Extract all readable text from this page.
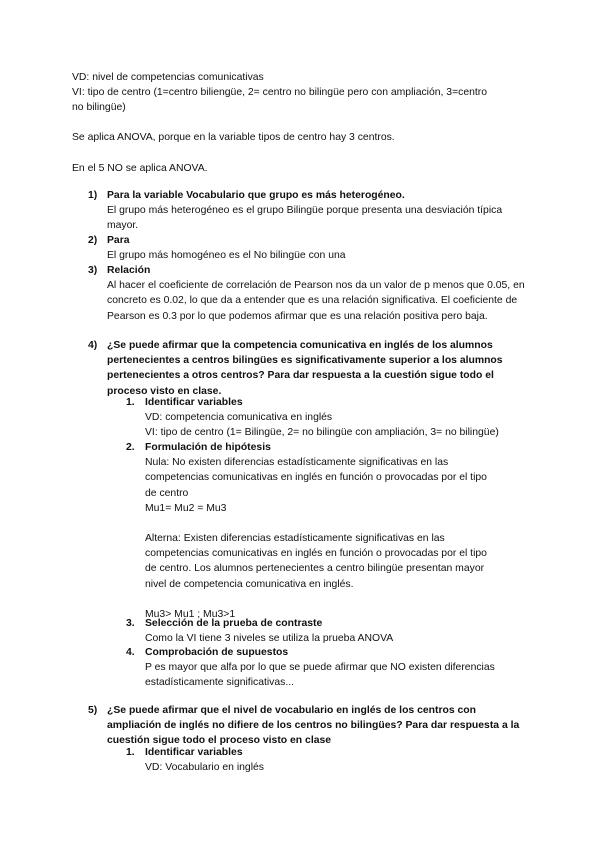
VD: nivel de competencias comunicativas

VI: tipo de centro (1=centro biliengüe, 2= centro no bilingüe pero con ampliación, 3=centro

no bilingüe)

Se aplica ANOVA, porque en la variable tipos de centro hay 3 centros.

En el 5 NO se aplica ANOVA.

1) Para la variable Vocabulario que grupo es más heterogéneo.

El grupo más heterogéneo es el grupo Bilingüe porque presenta una desviación típica mayor.

2) Para

El grupo más homogéneo es el No bilingüe con una

3) Relación

Al hacer el coeficiente de correlación de Pearson nos da un valor de p menos que 0.05, en concreto es 0.02, lo que da a entender que es una relación significativa. El coeficiente de Pearson es 0.3 por lo que podemos afirmar que es una relación positiva pero baja.

4) ¿Se puede afirmar que la competencia comunicativa en inglés de los alumnos pertenecientes a centros bilingües es significativamente superior a los alumnos pertenecientes a otros centros? Para dar respuesta a la cuestión sigue todo el proceso visto en clase.

1. Identificar variables

VD: competencia comunicativa en inglés

VI: tipo de centro (1= Bilingüe, 2= no bilingüe con ampliación, 3= no bilingüe)

2. Formulación de hipótesis

Nula: No existen diferencias estadísticamente significativas en las competencias comunicativas en inglés en función o provocadas por el tipo de centro

Mu1= Mu2 = Mu3

Alterna: Existen diferencias estadísticamente significativas en las competencias comunicativas en inglés en función o provocadas por el tipo de centro. Los alumnos pertenecientes a centro bilingüe presentan mayor nivel de competencia comunicativa en inglés.

Mu3> Mu1 ; Mu3>1

3. Selección de la prueba de contraste

Como la VI tiene 3 niveles se utiliza la prueba ANOVA

4. Comprobación de supuestos

P es mayor que alfa por lo que se puede afirmar que NO existen diferencias estadísticamente significativas...

5) ¿Se puede afirmar que el nivel de vocabulario en inglés de los centros con ampliación de inglés no difiere de los centros no bilingües? Para dar respuesta a la cuestión sigue todo el proceso visto en clase

1. Identificar variables

VD: Vocabulario en inglés
